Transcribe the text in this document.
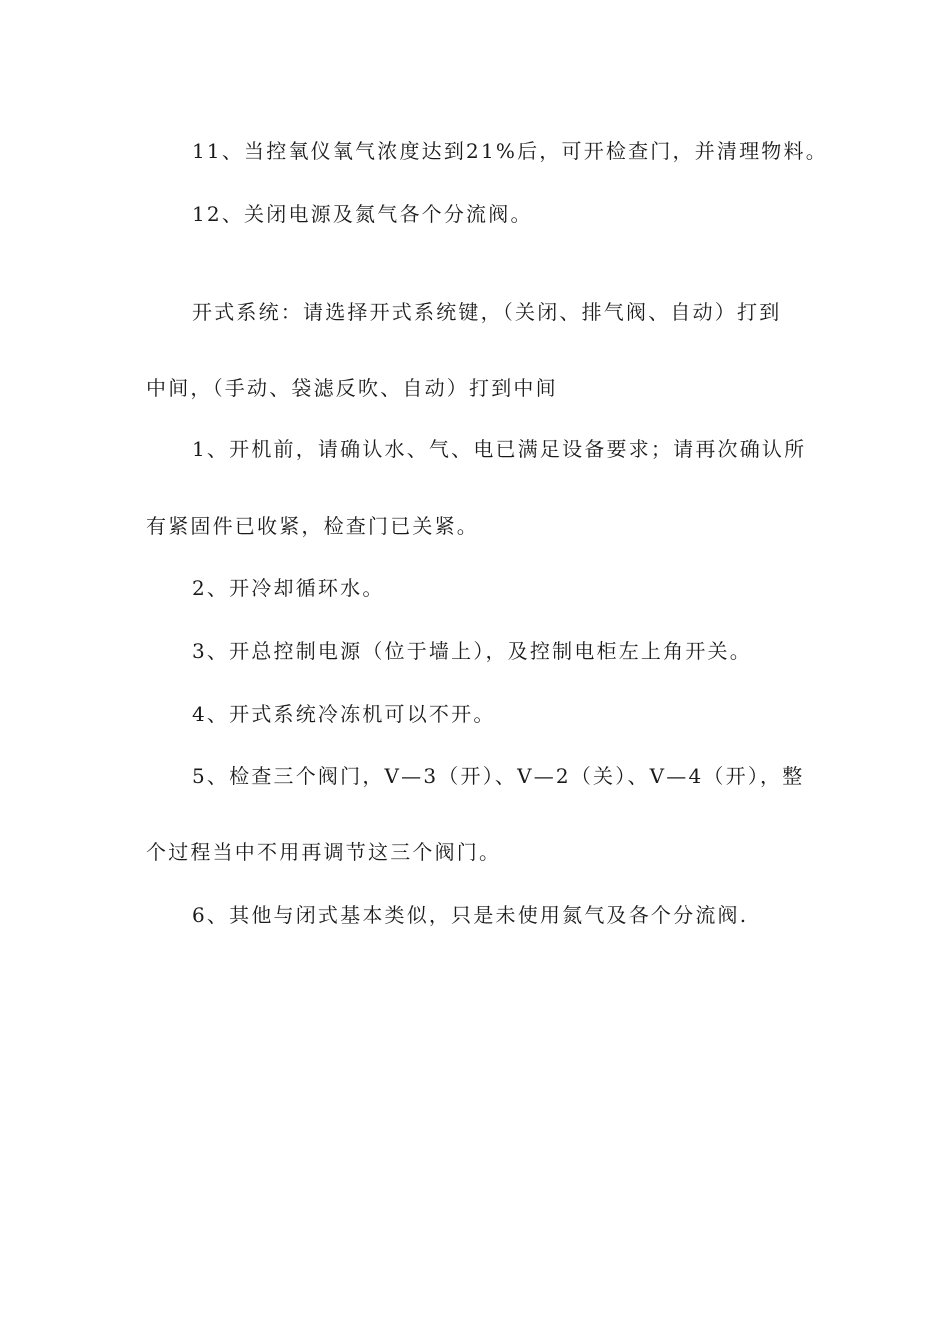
11、当控氧仪氧气浓度达到21%后，可开检查门，并清理物料。
12、关闭电源及氮气各个分流阀。
开式系统：请选择开式系统键，（关闭、排气阀、自动）打到
中间，（手动、袋滤反吹、自动）打到中间
1、开机前，请确认水、气、电已满足设备要求；请再次确认所
有紧固件已收紧，检查门已关紧。
2、开冷却循环水。
3、开总控制电源（位于墙上），及控制电柜左上角开关。
4、开式系统冷冻机可以不开。
5、检查三个阀门，V—3（开）、V—2（关）、V—4（开），整
个过程当中不用再调节这三个阀门。
6、其他与闭式基本类似，只是未使用氮气及各个分流阀.
